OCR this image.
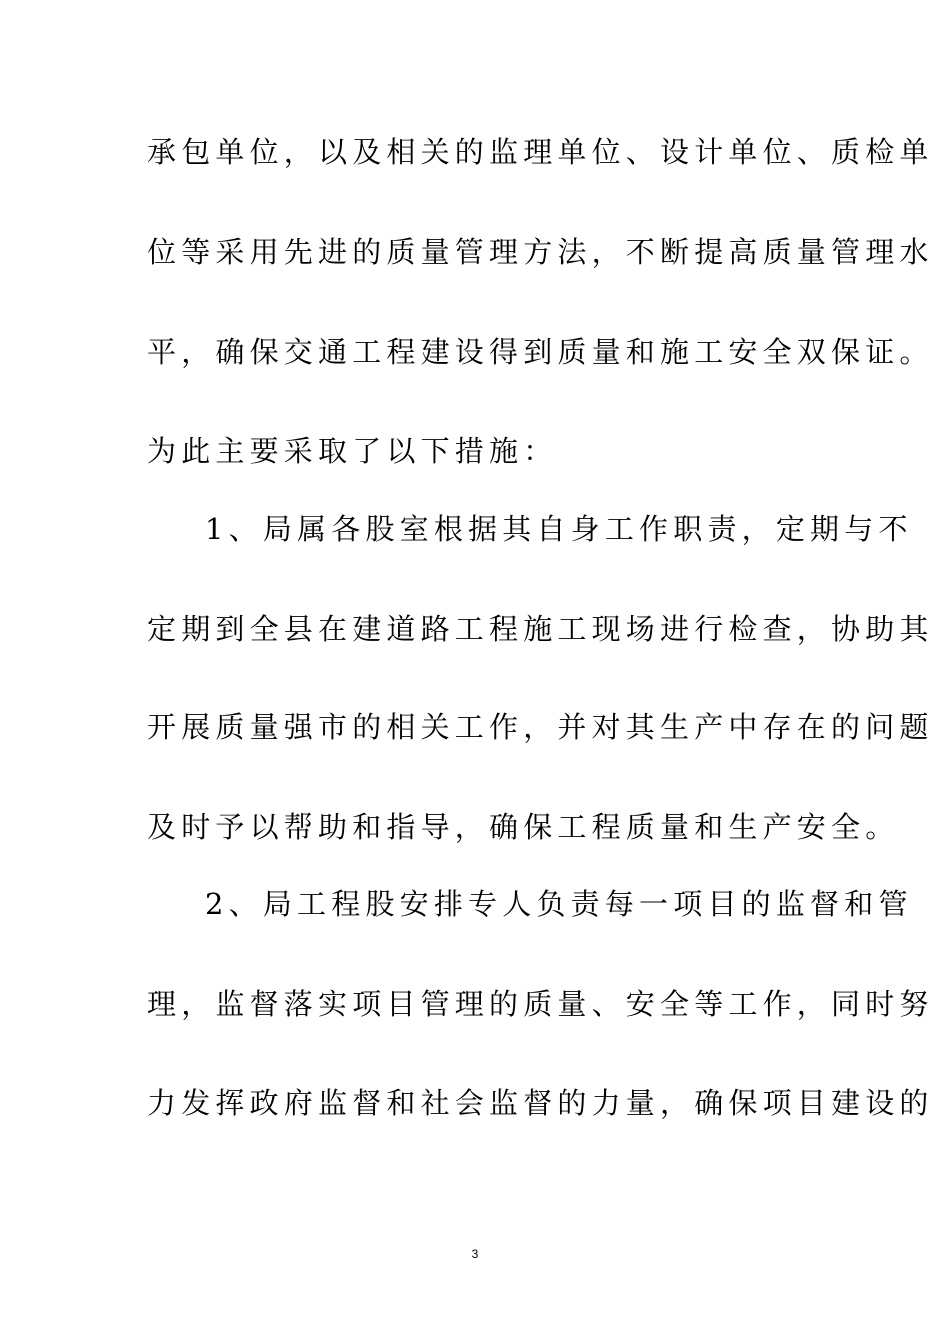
承包单位，以及相关的监理单位、设计单位、质检单
位等采用先进的质量管理方法，不断提高质量管理水
平，确保交通工程建设得到质量和施工安全双保证。
为此主要采取了以下措施：
1、局属各股室根据其自身工作职责，定期与不
定期到全县在建道路工程施工现场进行检查，协助其
开展质量强市的相关工作，并对其生产中存在的问题
及时予以帮助和指导，确保工程质量和生产安全。
2、局工程股安排专人负责每一项目的监督和管
理，监督落实项目管理的质量、安全等工作，同时努
力发挥政府监督和社会监督的力量，确保项目建设的
3
